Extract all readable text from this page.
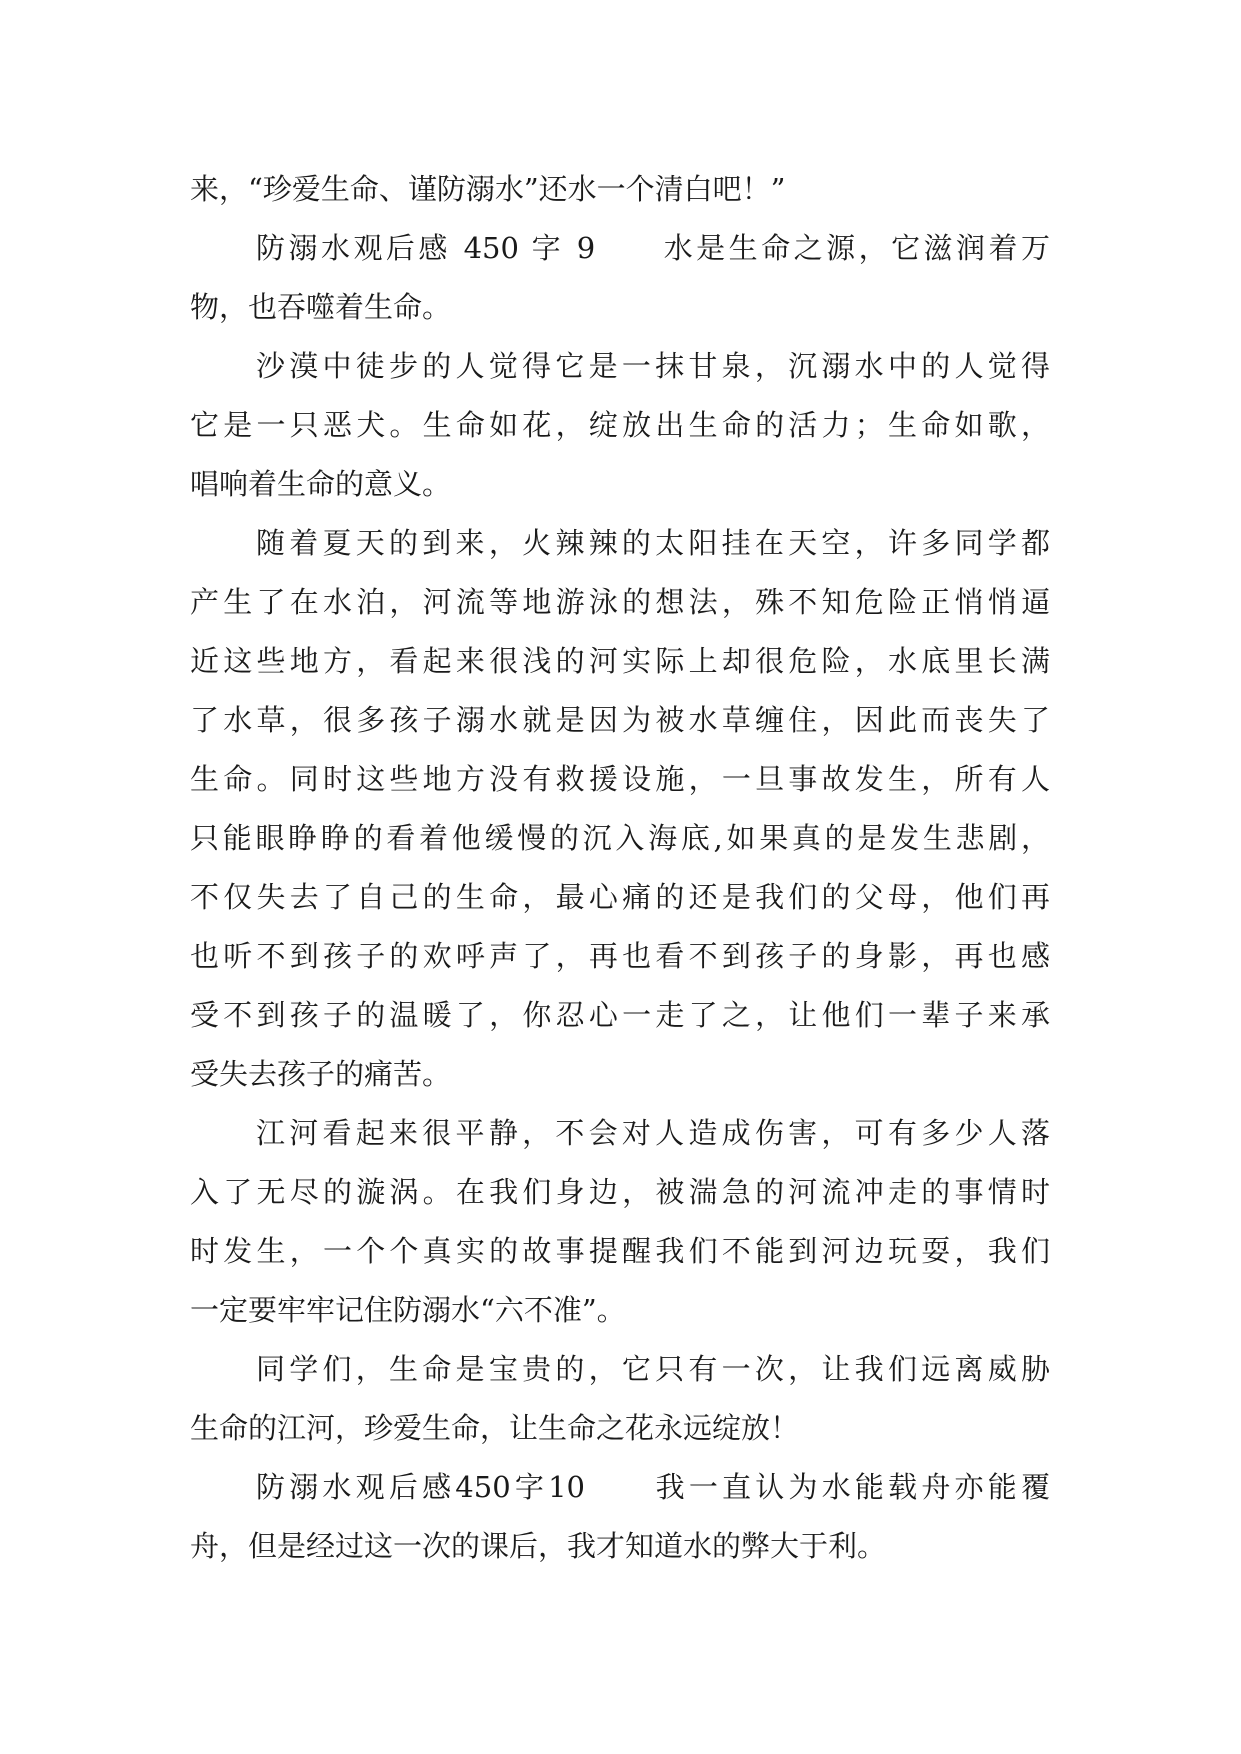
来，“珍爱生命、谨防溺水”还水一个清白吧！”
防溺水观后感 450 字 9　　水是生命之源，它滋润着万
物，也吞噬着生命。
沙漠中徒步的人觉得它是一抹甘泉，沉溺水中的人觉得
它是一只恶犬。生命如花，绽放出生命的活力；生命如歌，
唱响着生命的意义。
随着夏天的到来，火辣辣的太阳挂在天空，许多同学都
产生了在水泊，河流等地游泳的想法，殊不知危险正悄悄逼
近这些地方，看起来很浅的河实际上却很危险，水底里长满
了水草，很多孩子溺水就是因为被水草缠住，因此而丧失了
生命。同时这些地方没有救援设施，一旦事故发生，所有人
只能眼睁睁的看着他缓慢的沉入海底,如果真的是发生悲剧，
不仅失去了自己的生命，最心痛的还是我们的父母，他们再
也听不到孩子的欢呼声了，再也看不到孩子的身影，再也感
受不到孩子的温暖了，你忍心一走了之，让他们一辈子来承
受失去孩子的痛苦。
江河看起来很平静，不会对人造成伤害，可有多少人落
入了无尽的漩涡。在我们身边，被湍急的河流冲走的事情时
时发生，一个个真实的故事提醒我们不能到河边玩耍，我们
一定要牢牢记住防溺水“六不准”。
同学们，生命是宝贵的，它只有一次，让我们远离威胁
生命的江河，珍爱生命，让生命之花永远绽放！
防溺水观后感450字10　　我一直认为水能载舟亦能覆
舟，但是经过这一次的课后，我才知道水的弊大于利。
